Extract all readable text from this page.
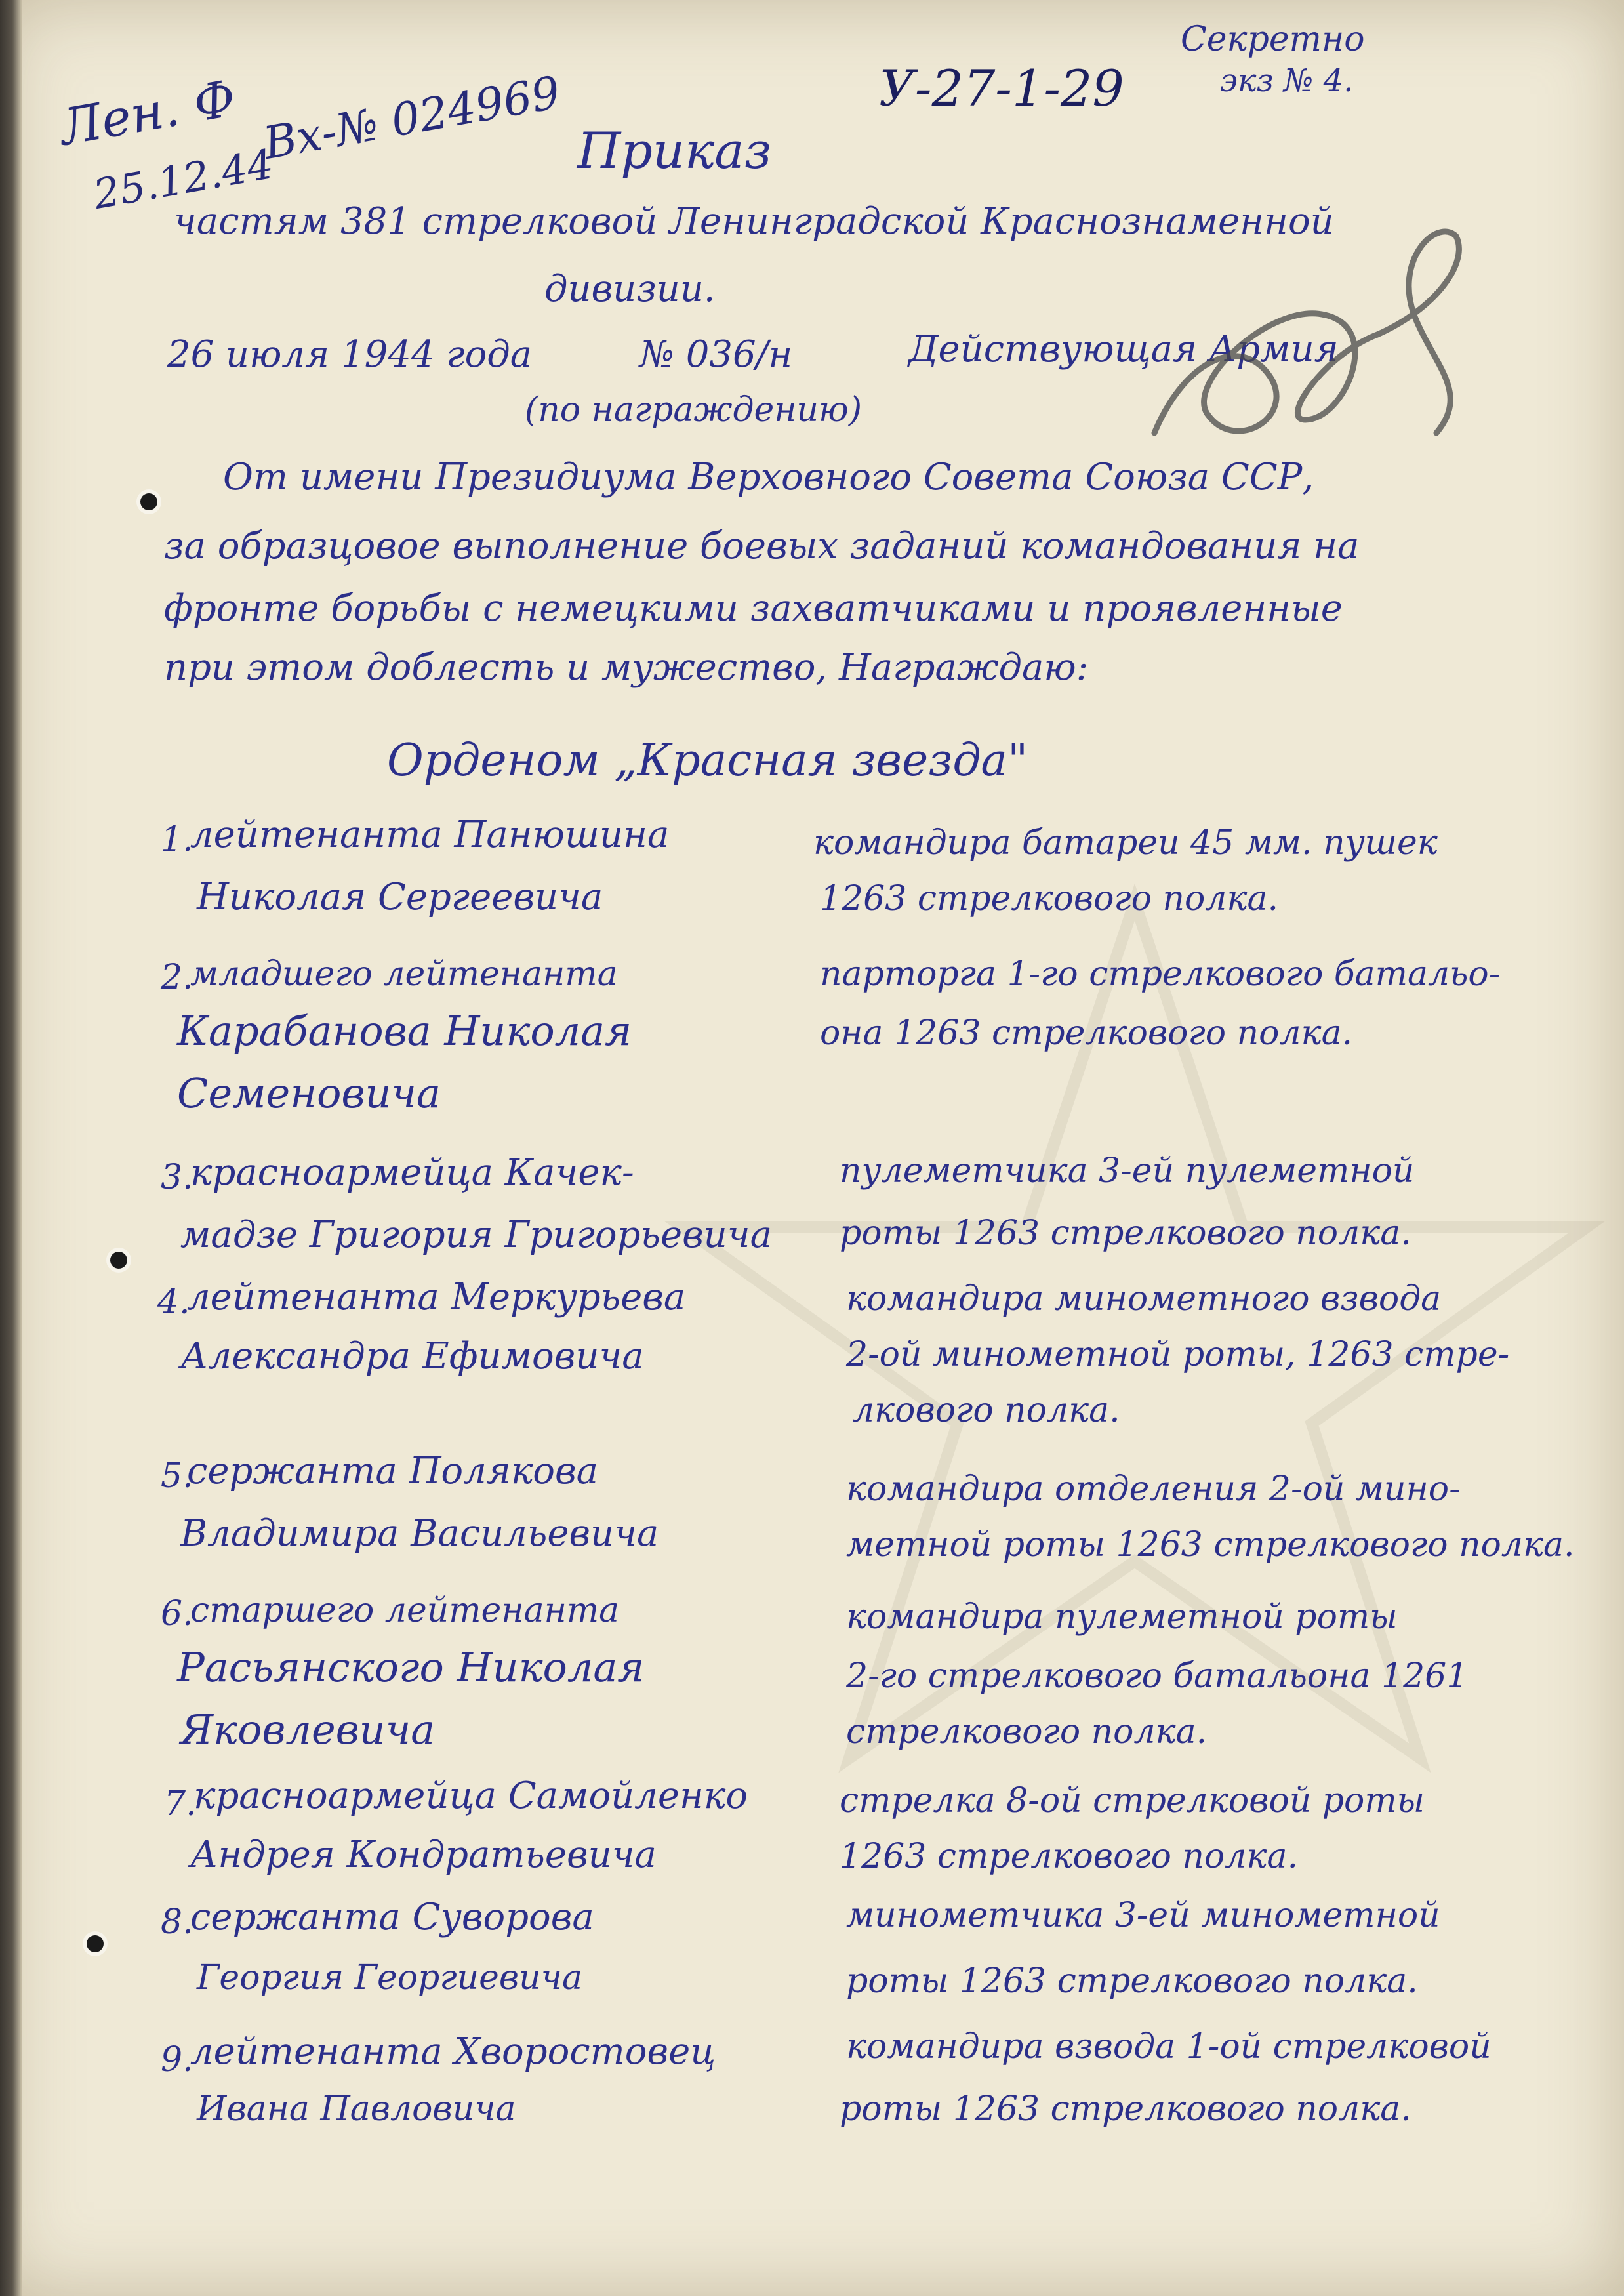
Лен. Ф
25.12.44
Вх-№ 024969
Секретно
экз № 4.
У-27-1-29
Приказ
частям 381 стрелковой Ленинградской Краснознаменной
дивизии.
26 июля 1944 года	№ 036/н	Действующая Армия
(по награждению)
От имени Президиума Верховного Совета Союза ССР,
за образцовое выполнение боевых заданий командования на
фронте борьбы с немецкими захватчиками и проявленные
при этом доблесть и мужество, Награждаю:
Орденом „Красная звезда"
1.
лейтенанта Панюшина
Николая Сергеевича
командира батареи 45 мм. пушек
1263 стрелкового полка.
2.
младшего лейтенанта
Карабанова Николая
Семеновича
парторга 1-го стрелкового батальо-
она 1263 стрелкового полка.
3.
красноармейца Качек-
мадзе Григория Григорьевича
пулеметчика 3-ей пулеметной
роты 1263 стрелкового полка.
4.
лейтенанта Меркурьева
Александра Ефимовича
командира минометного взвода
2-ой минометной роты, 1263 стре-
лкового полка.
5.
сержанта Полякова
Владимира Васильевича
командира отделения 2-ой мино-
метной роты 1263 стрелкового полка.
6.
старшего лейтенанта
Расьянского Николая
Яковлевича
командира пулеметной роты
2-го стрелкового батальона 1261
стрелкового полка.
7.
красноармейца Самойленко
Андрея Кондратьевича
стрелка 8-ой стрелковой роты
1263 стрелкового полка.
8.
сержанта Суворова
Георгия Георгиевича
минометчика 3-ей минометной
роты 1263 стрелкового полка.
9.
лейтенанта Хворостовец
Ивана Павловича
командира взвода 1-ой стрелковой
роты 1263 стрелкового полка.
